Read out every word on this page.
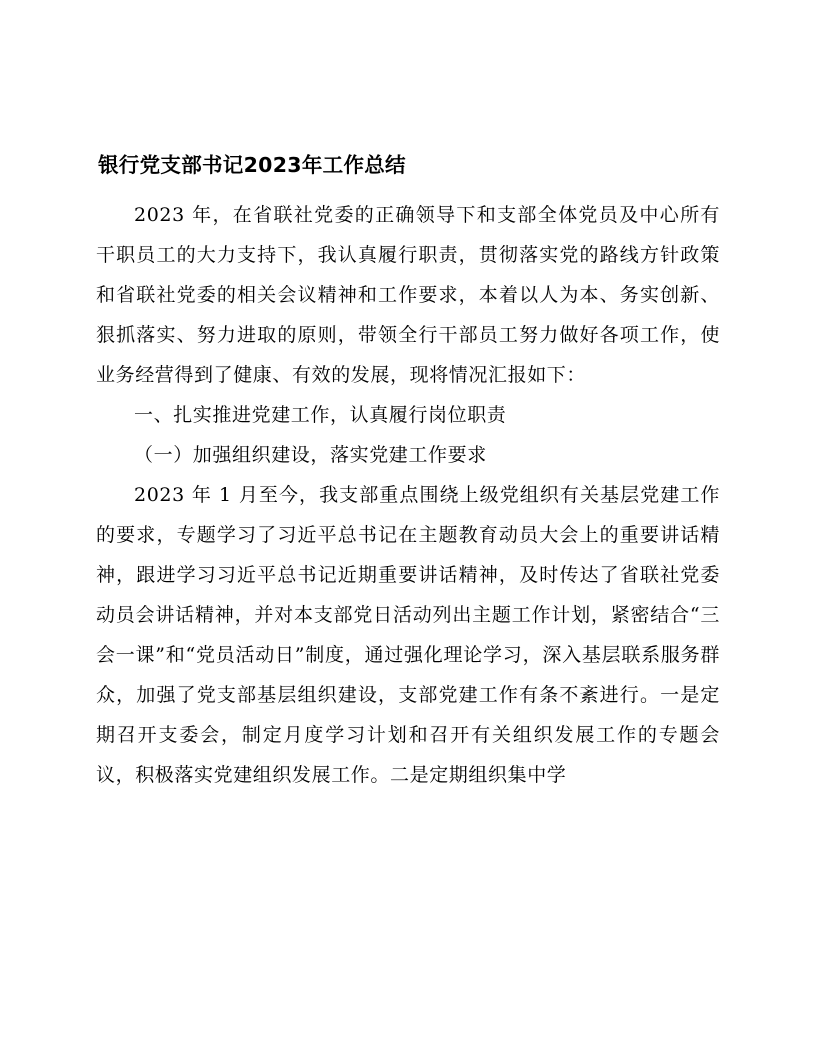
银行党支部书记2023年工作总结

2023 年，在省联社党委的正确领导下和支部全体党员及中心所有干职员工的大力支持下，我认真履行职责，贯彻落实党的路线方针政策和省联社党委的相关会议精神和工作要求，本着以人为本、务实创新、狠抓落实、努力进取的原则，带领全行干部员工努力做好各项工作，使业务经营得到了健康、有效的发展，现将情况汇报如下：

一、扎实推进党建工作，认真履行岗位职责

（一）加强组织建设，落实党建工作要求

2023 年 1 月至今，我支部重点围绕上级党组织有关基层党建工作的要求，专题学习了习近平总书记在主题教育动员大会上的重要讲话精神，跟进学习习近平总书记近期重要讲话精神，及时传达了省联社党委动员会讲话精神，并对本支部党日活动列出主题工作计划，紧密结合“三会一课”和“党员活动日”制度，通过强化理论学习，深入基层联系服务群众，加强了党支部基层组织建设，支部党建工作有条不紊进行。一是定期召开支委会，制定月度学习计划和召开有关组织发展工作的专题会议，积极落实党建组织发展工作。二是定期组织集中学
